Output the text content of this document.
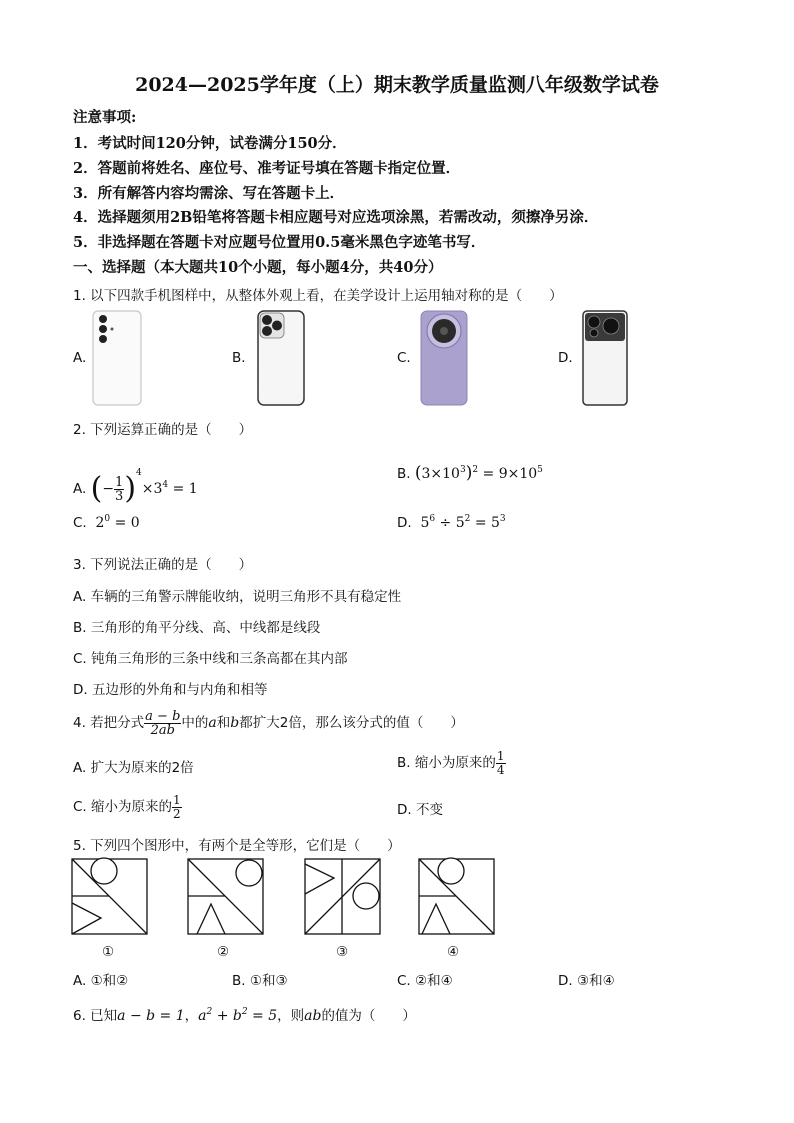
2024—2025学年度（上）期末教学质量监测八年级数学试卷
注意事项:
1．考试时间120分钟，试卷满分150分．
2．答题前将姓名、座位号、准考证号填在答题卡指定位置．
3．所有解答内容均需涂、写在答题卡上．
4．选择题须用2B铅笔将答题卡相应题号对应选项涂黑，若需改动，须擦净另涂．
5．非选择题在答题卡对应题号位置用0.5毫米黑色字迹笔书写．
一、选择题（本大题共10个小题，每小题4分，共40分）
1. 以下四款手机图样中，从整体外观上看，在美学设计上运用轴对称的是（　　）
A.	B.	C.	D.
2. 下列运算正确的是（　　）
A. (− $\frac{1}{3} )^4\times 3^4 = 1$
B. $(3\times 10^3)^2 = 9\times 10^5$
C. $2^0 = 0$	D. $5^6 \div 5^2 = 5^3$
3. 下列说法正确的是（　　）
A. 车辆的三角警示牌能收纳，说明三角形不具有稳定性
B. 三角形的角平分线、高、中线都是线段
C. 钝角三角形的三条中线和三条高都在其内部
D. 五边形的外角和与内角和相等
4. 若把分式 $\frac{a - b}{2ab}$ 中的a和b都扩大2倍，那么该分式的值（　　）
A. 扩大为原来的2倍	B. 缩小为原来的 $\frac{1}{4}$
C. 缩小为原来的 $\frac{1}{2}$	D. 不变
5. 下列四个图形中，有两个是全等形，它们是（　　）
①	②	③	④
A. ①和②	B. ①和③	C. ②和④	D. ③和④
6. 已知a − b = 1，$a^2 + b^2 = 5$，则ab的值为（　　）
